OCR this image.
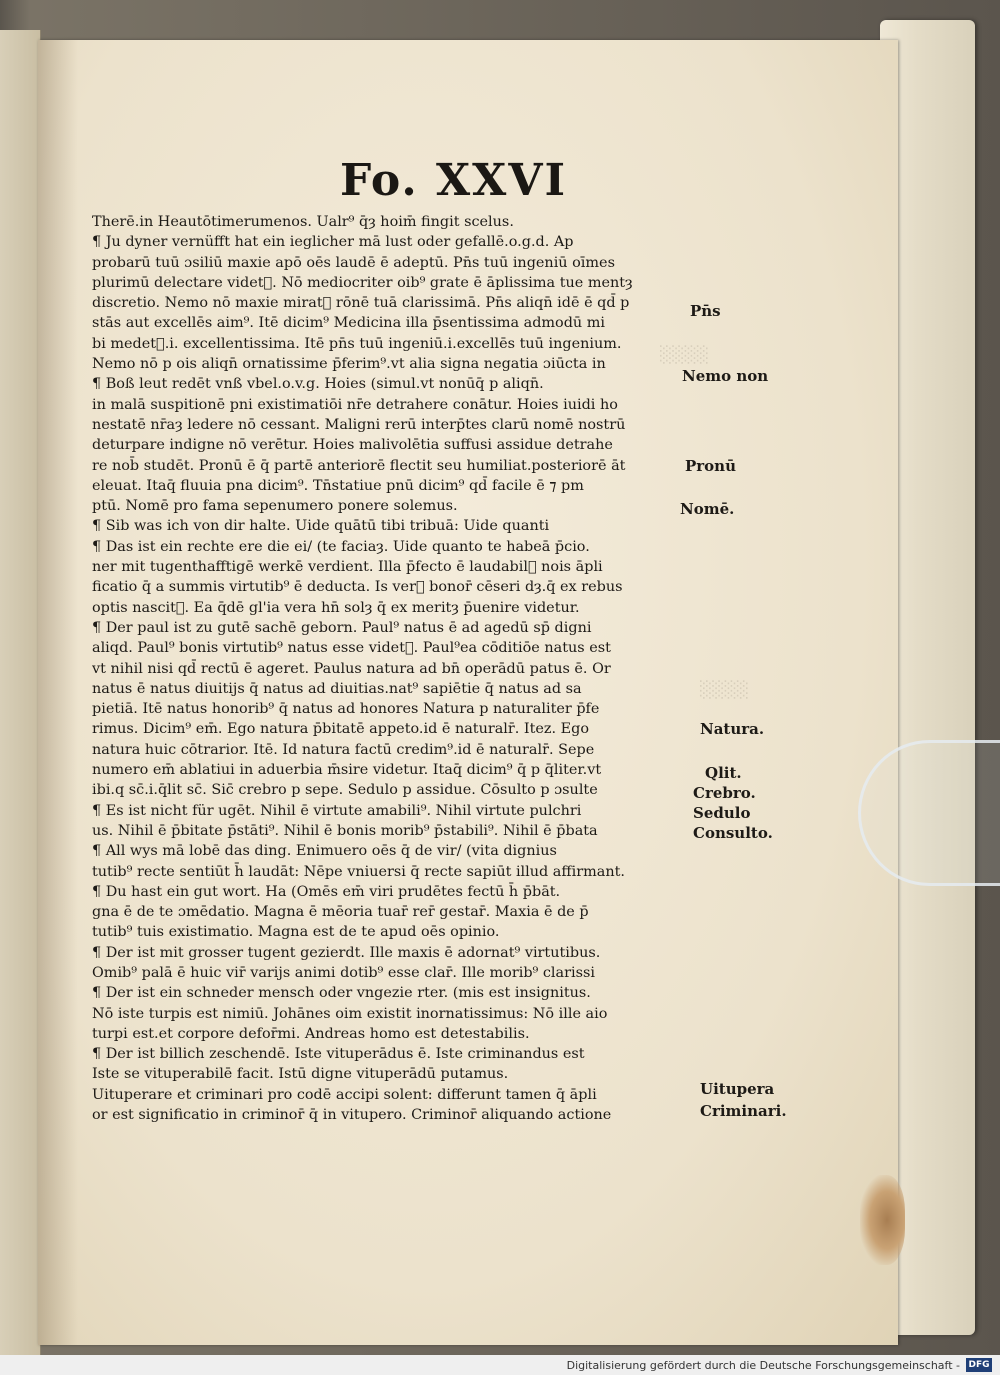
░░░░
░░░░
Fo. XXVI
Therē.in Heautōtimerumenos. Ualr⁹ q̄ȝ hoim̄ fingit scelus.
¶ Ju dyner vernüfft hat ein ieglicher mā lust oder gefallē.o.g.d. Ap
probarū tuū ɔsiliū maxie apō oēs laudē ē adeptū. Pn̄s tuū ingeniū oīmes
plurimū delectare videt᷑. Nō mediocriter oib⁹ grate ē āplissima tue mentȝ
discretio. Nemo nō maxie mirat᷑ rōnē tuā clarissimā. Pn̄s aliqn̄ idē ē qd̄ p
stās aut excellēs aim⁹. Itē dicim⁹ Medicina illa p̄sentissima admodū mi
bi medet᷑.i. excellentissima. Itē pn̄s tuū ingeniū.i.excellēs tuū ingenium.
Nemo nō p ois aliqn̄ ornatissime p̄ferim⁹.vt alia signa negatia ɔiūcta in
¶ Boß leut redēt vnß vbel.o.v.g. Hoies (simul.vt nonūq̄ p aliqn̄.
in malā suspitionē pni existimatiōi nr̄e detrahere conātur. Hoies iuidi ho
nestatē nr̄aȝ ledere nō cessant. Maligni rerū interp̄tes clarū nomē nostrū
deturpare indigne nō verētur. Hoies malivolētia suffusi assidue detrahe
re nob̄ studēt. Pronū ē q̄ partē anteriorē flectit seu humiliat.posteriorē āt
eleuat. Itaq̄ fluuia pna dicim⁹. Tn̄statiue pnū dicim⁹ qd̄ facile ē ⁊ pm
ptū. Nomē pro fama sepenumero ponere solemus.
¶ Sib was ich von dir halte. Uide quātū tibi tribuā: Uide quanti
¶ Das ist ein rechte ere die ei/ (te faciaȝ. Uide quanto te habeā p̄cio.
ner mit tugenthafftigē werkē verdient. Illa p̄fecto ē laudabil᷑ nois āpli
ficatio q̄ a summis virtutib⁹ ē deducta. Is ver᷑ bonor̄ cēseri dȝ.q̄ ex rebus
optis nascit᷑. Ea q̄dē gl'ia vera hn̄ solȝ q̄ ex meritȝ p̄uenire videtur.
¶ Der paul ist zu gutē sachē geborn. Paul⁹ natus ē ad agedū sp̄ digni
aliqd. Paul⁹ bonis virtutib⁹ natus esse videt᷑. Paul⁹ea cōditiōe natus est
vt nihil nisi qd̄ rectū ē ageret. Paulus natura ad bn̄ operādū patus ē. Or
natus ē natus diuitijs q̄ natus ad diuitias.nat⁹ sapiētie q̄ natus ad sa
pietiā. Itē natus honorib⁹ q̄ natus ad honores Natura p naturaliter p̄fe
rimus. Dicim⁹ em̄. Ego natura p̄bitatē appeto.id ē naturalr̄. Itez. Ego
natura huic cōtrarior. Itē. Id natura factū credim⁹.id ē naturalr̄. Sepe
numero em̄ ablatiui in aduerbia m̄sire videtur. Itaq̄ dicim⁹ q̄ p q̄liter.vt
ibi.q sc̄.i.q̄lit sc̄. Sic̄ crebro p sepe. Sedulo p assidue. Cōsulto p ɔsulte
¶ Es ist nicht für ugēt. Nihil ē virtute amabili⁹. Nihil virtute pulchri
us. Nihil ē p̄bitate p̄stāti⁹. Nihil ē bonis morib⁹ p̄stabili⁹. Nihil ē p̄bata
¶ All wys mā lobē das ding. Enimuero oēs q̄ de vir/ (vita dignius
tutib⁹ recte sentiūt h̄ laudāt: Nēpe vniuersi q̄ recte sapiūt illud affirmant.
¶ Du hast ein gut wort. Ha (Omēs em̄ viri prudētes fectū h̄ p̄bāt.
gna ē de te ɔmēdatio. Magna ē mēoria tuar̄ rer̄ gestar̄. Maxia ē de p̄
tutib⁹ tuis existimatio. Magna est de te apud oēs opinio.
¶ Der ist mit grosser tugent gezierdt. Ille maxis ē adornat⁹ virtutibus.
Omib⁹ palā ē huic vir̄ varijs animi dotib⁹ esse clar̄. Ille morib⁹ clarissi
¶ Der ist ein schneder mensch oder vngezie rter. (mis est insignitus.
Nō iste turpis est nimiū. Johānes oim existit inornatissimus: Nō ille aio
turpi est.et corpore defor̄mi. Andreas homo est detestabilis.
¶ Der ist billich zeschendē. Iste vituperādus ē. Iste criminandus est
Iste se vituperabilē facit. Istū digne vituperādū putamus.
Uituperare et criminari pro codē accipi solent: differunt tamen q̄ āpli
or est significatio in criminor̄ q̄ in vitupero. Criminor̄ aliquando actione
Pn̄s
Nemo non
Pronū
Nomē.
Natura.
Qlit.
Crebro.
Sedulo
Consulto.
Uitupera
Criminari.
Digitalisierung gefördert durch die Deutsche Forschungsgemeinschaft - DFG
